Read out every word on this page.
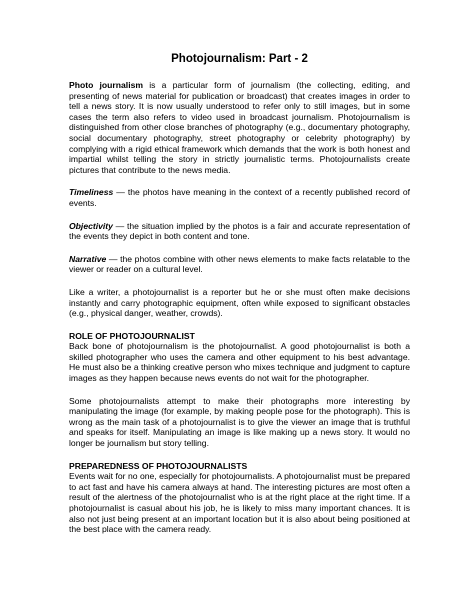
Photojournalism: Part - 2

Photo journalism is a particular form of journalism (the collecting, editing, and presenting of news material for publication or broadcast) that creates images in order to tell a news story. It is now usually understood to refer only to still images, but in some cases the term also refers to video used in broadcast journalism. Photojournalism is distinguished from other close branches of photography (e.g., documentary photography, social documentary photography, street photography or celebrity photography) by complying with a rigid ethical framework which demands that the work is both honest and impartial whilst telling the story in strictly journalistic terms. Photojournalists create pictures that contribute to the news media.

Timeliness — the photos have meaning in the context of a recently published record of events.

Objectivity — the situation implied by the photos is a fair and accurate representation of the events they depict in both content and tone.

Narrative — the photos combine with other news elements to make facts relatable to the viewer or reader on a cultural level.

Like a writer, a photojournalist is a reporter but he or she must often make decisions instantly and carry photographic equipment, often while exposed to significant obstacles (e.g., physical danger, weather, crowds).

ROLE OF PHOTOJOURNALIST

Back bone of photojournalism is the photojournalist. A good photojournalist is both a skilled photographer who uses the camera and other equipment to his best advantage. He must also be a thinking creative person who mixes technique and judgment to capture images as they happen because news events do not wait for the photographer.

Some photojournalists attempt to make their photographs more interesting by manipulating the image (for example, by making people pose for the photograph). This is wrong as the main task of a photojournalist is to give the viewer an image that is truthful and speaks for itself. Manipulating an image is like making up a news story. It would no longer be journalism but story telling.

PREPAREDNESS OF PHOTOJOURNALISTS

Events wait for no one, especially for photojournalists. A photojournalist must be prepared to act fast and have his camera always at hand. The interesting pictures are most often a result of the alertness of the photojournalist who is at the right place at the right time. If a photojournalist is casual about his job, he is likely to miss many important chances. It is also not just being present at an important location but it is also about being positioned at the best place with the camera ready.
